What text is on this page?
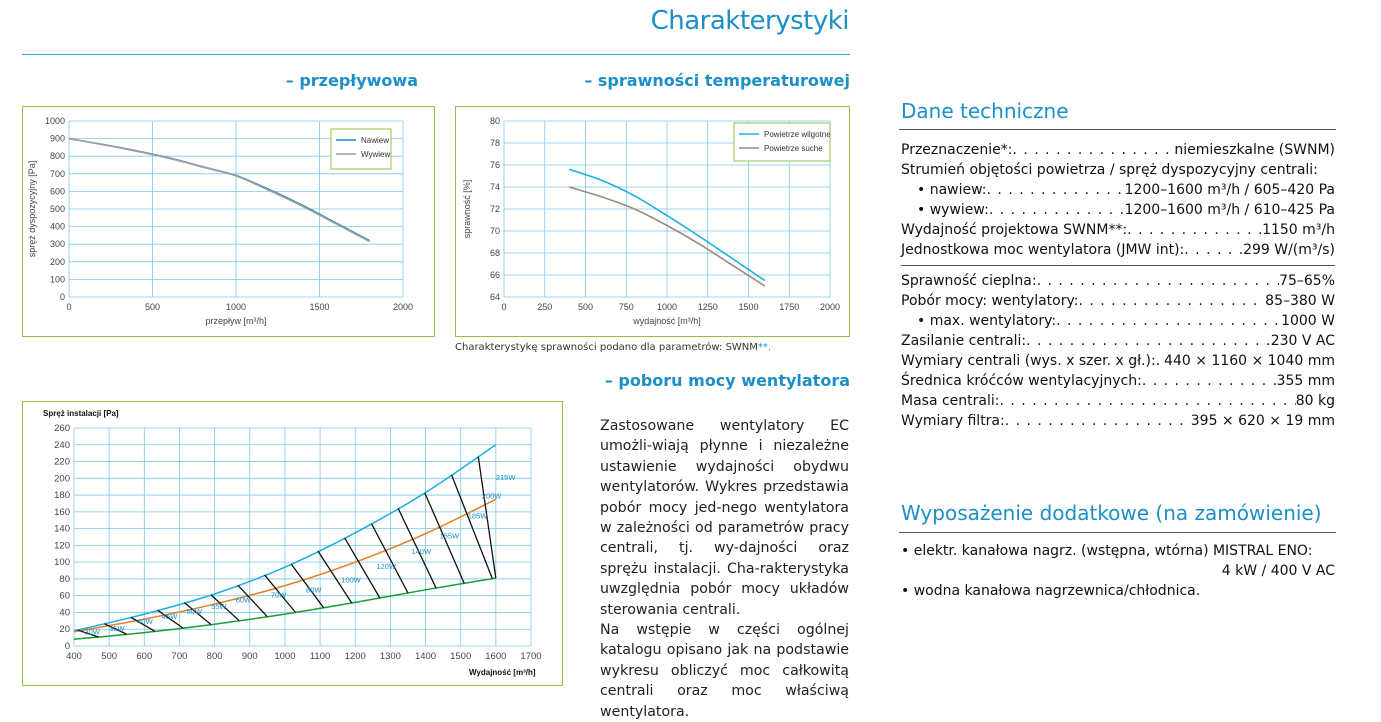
Charakterystyki
– przepływowa	– sprawności temperaturowej
– poboru mocy wentylatora
0
100
200
300
400
500
600
700
800
900
1000
0	500	1000	1500	2000
spręż dyspozycyjny [Pa]
przepływ [m³/h]
Nawiew
Wywiew
64
66
68
70
72
74
76
78
80
0	250	500	750	1000 1250 1500 1750 2000
sprawność [%]
wydajność [m³/h]
Powietrze wilgotne
Powietrze suche
Charakterystykę sprawności podano dla parametrów: SWNM**.
0
20
40
60
80
100
120
140
160
180
200
220
240
260
400 500 600 700 800 900 1000 1100 1200 1300 1400 1500 1600 1700
Spręż instalacji [Pa]
Wydajność [m³/h]
30W 35W
40W
45W
50W
55W
60W
70W
80W
100W
120W
140W
155W
185W
200W
215W

Zastosowane wentylatory EC umożli-wiają płynne i niezależne ustawienie wydajności obydwu wentylatorów. Wykres przedstawia pobór mocy jed-nego wentylatora w zależności od parametrów pracy centrali, tj. wy-dajności oraz sprężu instalacji. Cha-rakterystyka uwzględnia pobór mocy układów sterowania centrali.

Na wstępie w części ogólnej katalogu opisano jak na podstawie wykresu obliczyć moc całkowitą centrali oraz moc właściwą wentylatora.

Dane techniczne
Przeznaczenie*: . . .	niemieszkalne (SWNM)
Strumień objętości powietrza / spręż dyspozycyjny centrali:
• nawiew: . . .	1200–1600 m³/h / 605–420 Pa
• wywiew: . . .	1200–1600 m³/h / 610–425 Pa
Wydajność projektowa SWNM**: . . .	1150 m³/h
Jednostkowa moc wentylatora (JMW int): . . .	299 W/(m³/s)
Sprawność cieplna: . . .	75–65%
Pobór mocy: wentylatory: . . .	85–380 W
• max. wentylatory: . . .	1000 W
Zasilanie centrali: . . .	230 V AC
Wymiary centrali (wys. x szer. x gł.): . . . 440 × 1160 × 1040 mm
Średnica króćców wentylacyjnych: . . .	355 mm
Masa centrali: . . .	80 kg
Wymiary filtra: . . .	395 × 620 × 19 mm
Wyposażenie dodatkowe (na zamówienie)
• elektr. kanałowa nagrz. (wstępna, wtórna) MISTRAL ENO:
4 kW / 400 V AC
• wodna kanałowa nagrzewnica/chłodnica.
